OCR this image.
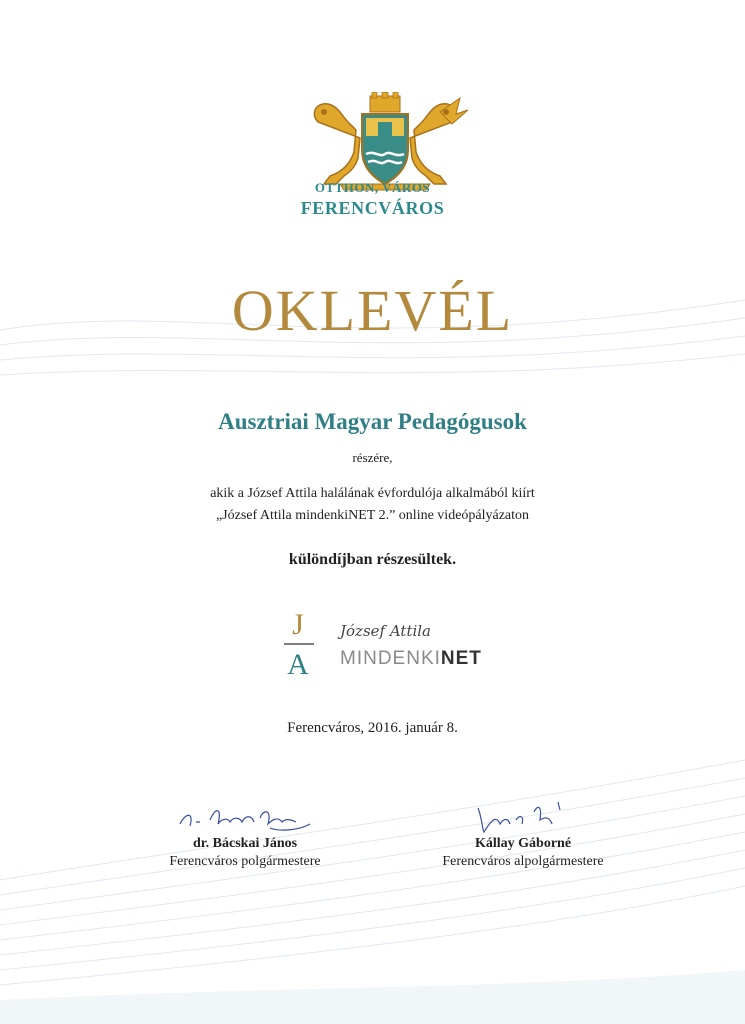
OTTHON, VÁROS
FERENCVÁROS
OKLEVÉL
Ausztriai Magyar Pedagógusok
részére,
akik a József Attila halálának évfordulója alkalmából kiírt
„József Attila mindenkiNET 2.” online videópályázaton
különdíjban részesültek.
J
A
József Attila
MINDENKINET
Ferencváros, 2016. január 8.
dr. Bácskai János
Ferencváros polgármestere
Kállay Gáborné
Ferencváros alpolgármestere
